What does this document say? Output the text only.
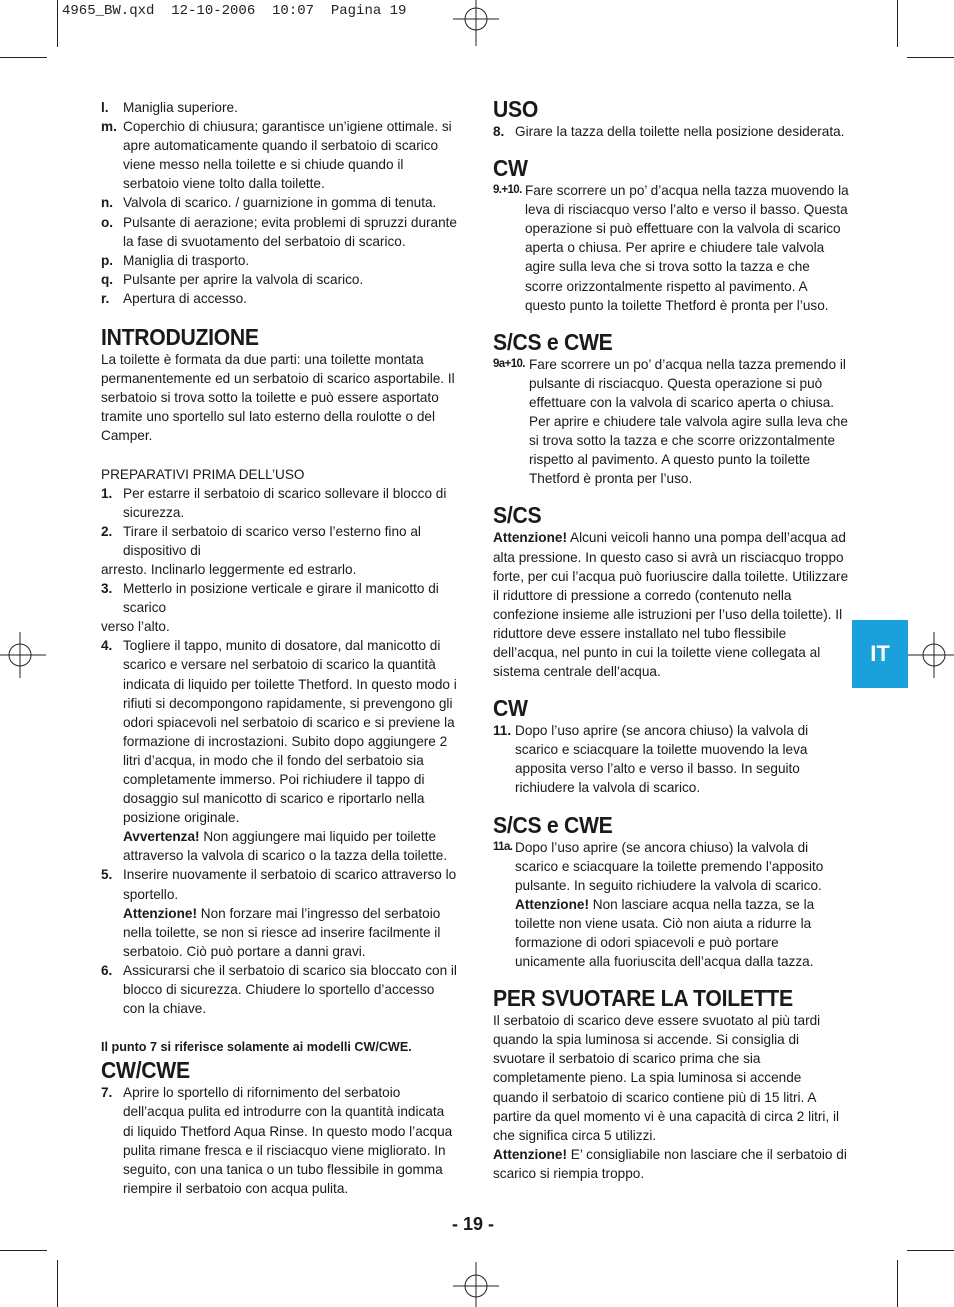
4965_BW.qxd  12-10-2006  10:07  Pagina 19
IT
l.	Maniglia superiore.
m. Coperchio di chiusura; garantisce un’igiene ottimale. si apre automaticamente quando il serbatoio di scarico viene messo nella toilette e si chiude quando il serbatoio viene tolto dalla toilette.
n. Valvola di scarico. / guarnizione in gomma di tenuta.
o. Pulsante di aerazione; evita problemi di spruzzi durante la fase di svuotamento del serbatoio di scarico.
p. Maniglia di trasporto.
q. Pulsante per aprire la valvola di scarico.
r.	Apertura di accesso.
INTRODUZIONE

La toilette è formata da due parti: una toilette montata permanentemente ed un serbatoio di scarico asportabile. Il serbatoio si trova sotto la toilette e può essere asportato tramite uno sportello sul lato esterno della roulotte o del Camper.

PREPARATIVI PRIMA DELL’USO

1. Per estarre il serbatoio di scarico sollevare il blocco di sicurezza.
2. Tirare il serbatoio di scarico verso l’esterno fino al dispositivo di

arresto. Inclinarlo leggermente ed estrarlo.

3. Metterlo in posizione verticale e girare il manicotto di scarico

verso l’alto.

4. Togliere il tappo, munito di dosatore, dal manicotto di scarico e versare nel serbatoio di scarico la quantità indicata di liquido per toilette Thetford. In questo modo i rifiuti si decompongono rapidamente, si prevengono gli odori spiacevoli nel serbatoio di scarico e si previene la formazione di incrostazioni. Subito dopo aggiungere 2 litri d’acqua, in modo che il fondo del serbatoio sia completamente immerso. Poi richiudere il tappo di dosaggio sul manicotto di scarico e riportarlo nella posizione originale.
Avvertenza! Non aggiungere mai liquido per toilette attraverso la valvola di scarico o la tazza della toilette.
5. Inserire nuovamente il serbatoio di scarico attraverso lo sportello.
Attenzione! Non forzare mai l’ingresso del serbatoio nella toilette, se non si riesce ad inserire facilmente il serbatoio. Ciò può portare a danni gravi.
6. Assicurarsi che il serbatoio di scarico sia bloccato con il blocco di sicurezza. Chiudere lo sportello d’accesso con la chiave.

Il punto 7 si riferisce solamente ai modelli CW/CWE.

CW/CWE
7. Aprire lo sportello di rifornimento del serbatoio dell’acqua pulita ed introdurre con la quantità indicata di liquido Thetford Aqua Rinse. In questo modo l’acqua pulita rimane fresca e il risciacquo viene migliorato. In seguito, con una tanica o un tubo flessibile in gomma riempire il serbatoio con acqua pulita.
USO
8. Girare la tazza della toilette nella posizione desiderata.
CW
9.+10. Fare scorrere un po’ d’acqua nella tazza muovendo la leva di risciacquo verso l’alto e verso il basso. Questa operazione si può effettuare con la valvola di scarico aperta o chiusa. Per aprire e chiudere tale valvola agire sulla leva che si trova sotto la tazza e che scorre orizzontalmente rispetto al pavimento. A questo punto la toilette Thetford è pronta per l’uso.
S/CS e CWE
9a+10. Fare scorrere un po’ d’acqua nella tazza premendo il pulsante di risciacquo. Questa operazione si può effettuare con la valvola di scarico aperta o chiusa. Per aprire e chiudere tale valvola agire sulla leva che si trova sotto la tazza e che scorre orizzontalmente rispetto al pavimento. A questo punto la toilette Thetford è pronta per l’uso.
S/CS

Attenzione! Alcuni veicoli hanno una pompa dell’acqua ad alta pressione. In questo caso si avrà un risciacquo troppo forte, per cui l’acqua può fuoriuscire dalla toilette. Utilizzare il riduttore di pressione a corredo (contenuto nella confezione insieme alle istruzioni per l’uso della toilette). Il riduttore deve essere installato nel tubo flessibile dell’acqua, nel punto in cui la toilette viene collegata al sistema centrale dell’acqua.

CW
11. Dopo l’uso aprire (se ancora chiuso) la valvola di scarico e sciacquare la toilette muovendo la leva apposita verso l’alto e verso il basso. In seguito richiudere la valvola di scarico.
S/CS e CWE
11a. Dopo l’uso aprire (se ancora chiuso) la valvola di scarico e sciacquare la toilette premendo l’apposito pulsante. In seguito richiudere la valvola di scarico.
Attenzione! Non lasciare acqua nella tazza, se la toilette non viene usata. Ciò non aiuta a ridurre la formazione di odori spiacevoli e può portare unicamente alla fuoriuscita dell’acqua dalla tazza.
PER SVUOTARE LA TOILETTE

Il serbatoio di scarico deve essere svuotato al più tardi quando la spia luminosa si accende. Si consiglia di svuotare il serbatoio di scarico prima che sia completamente pieno. La spia luminosa si accende quando il serbatoio di scarico contiene più di 15 litri. A partire da quel momento vi è una capacità di circa 2 litri, il che significa circa 5 utilizzi.

Attenzione! E’ consigliabile non lasciare che il serbatoio di scarico si riempia troppo.

- 19 -
